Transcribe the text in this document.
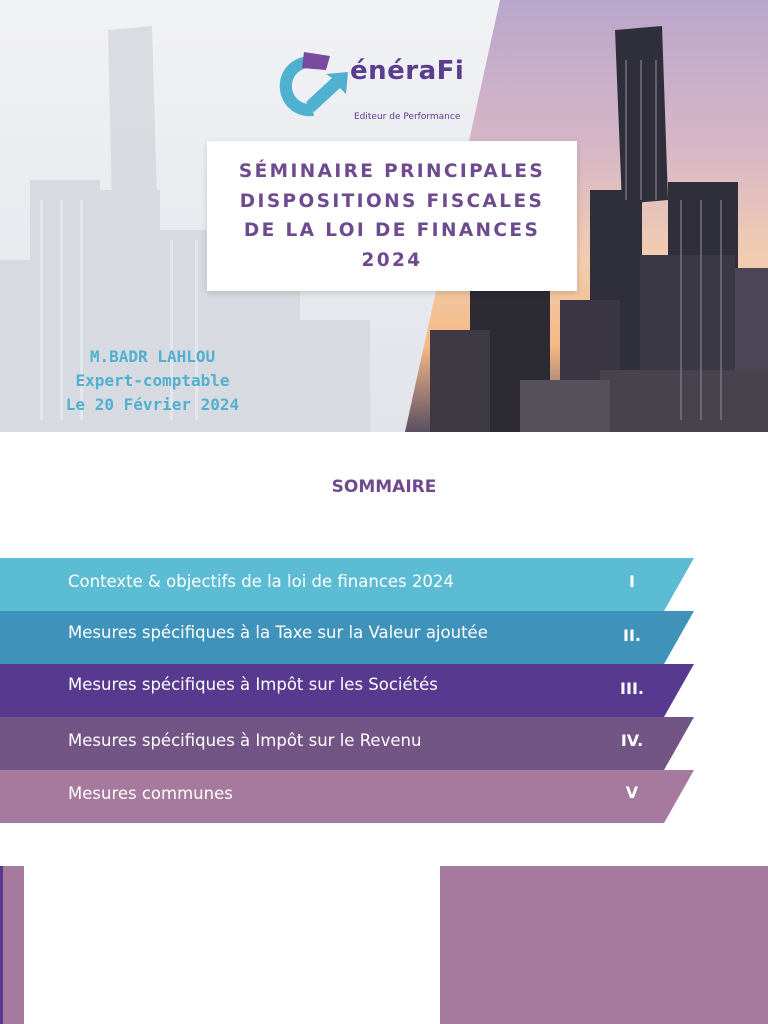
énéraFi
Editeur de Performance
SÉMINAIRE PRINCIPALES DISPOSITIONS FISCALES DE LA LOI DE FINANCES 2024
M.BADR LAHLOU
Expert-comptable
Le 20 Février 2024
SOMMAIRE
Contexte & objectifs de la loi de finances 2024	I
Mesures spécifiques à la Taxe sur la Valeur ajoutée	II.
Mesures spécifiques à Impôt sur les Sociétés	III.
Mesures spécifiques à Impôt sur le Revenu	IV.
Mesures communes	V
